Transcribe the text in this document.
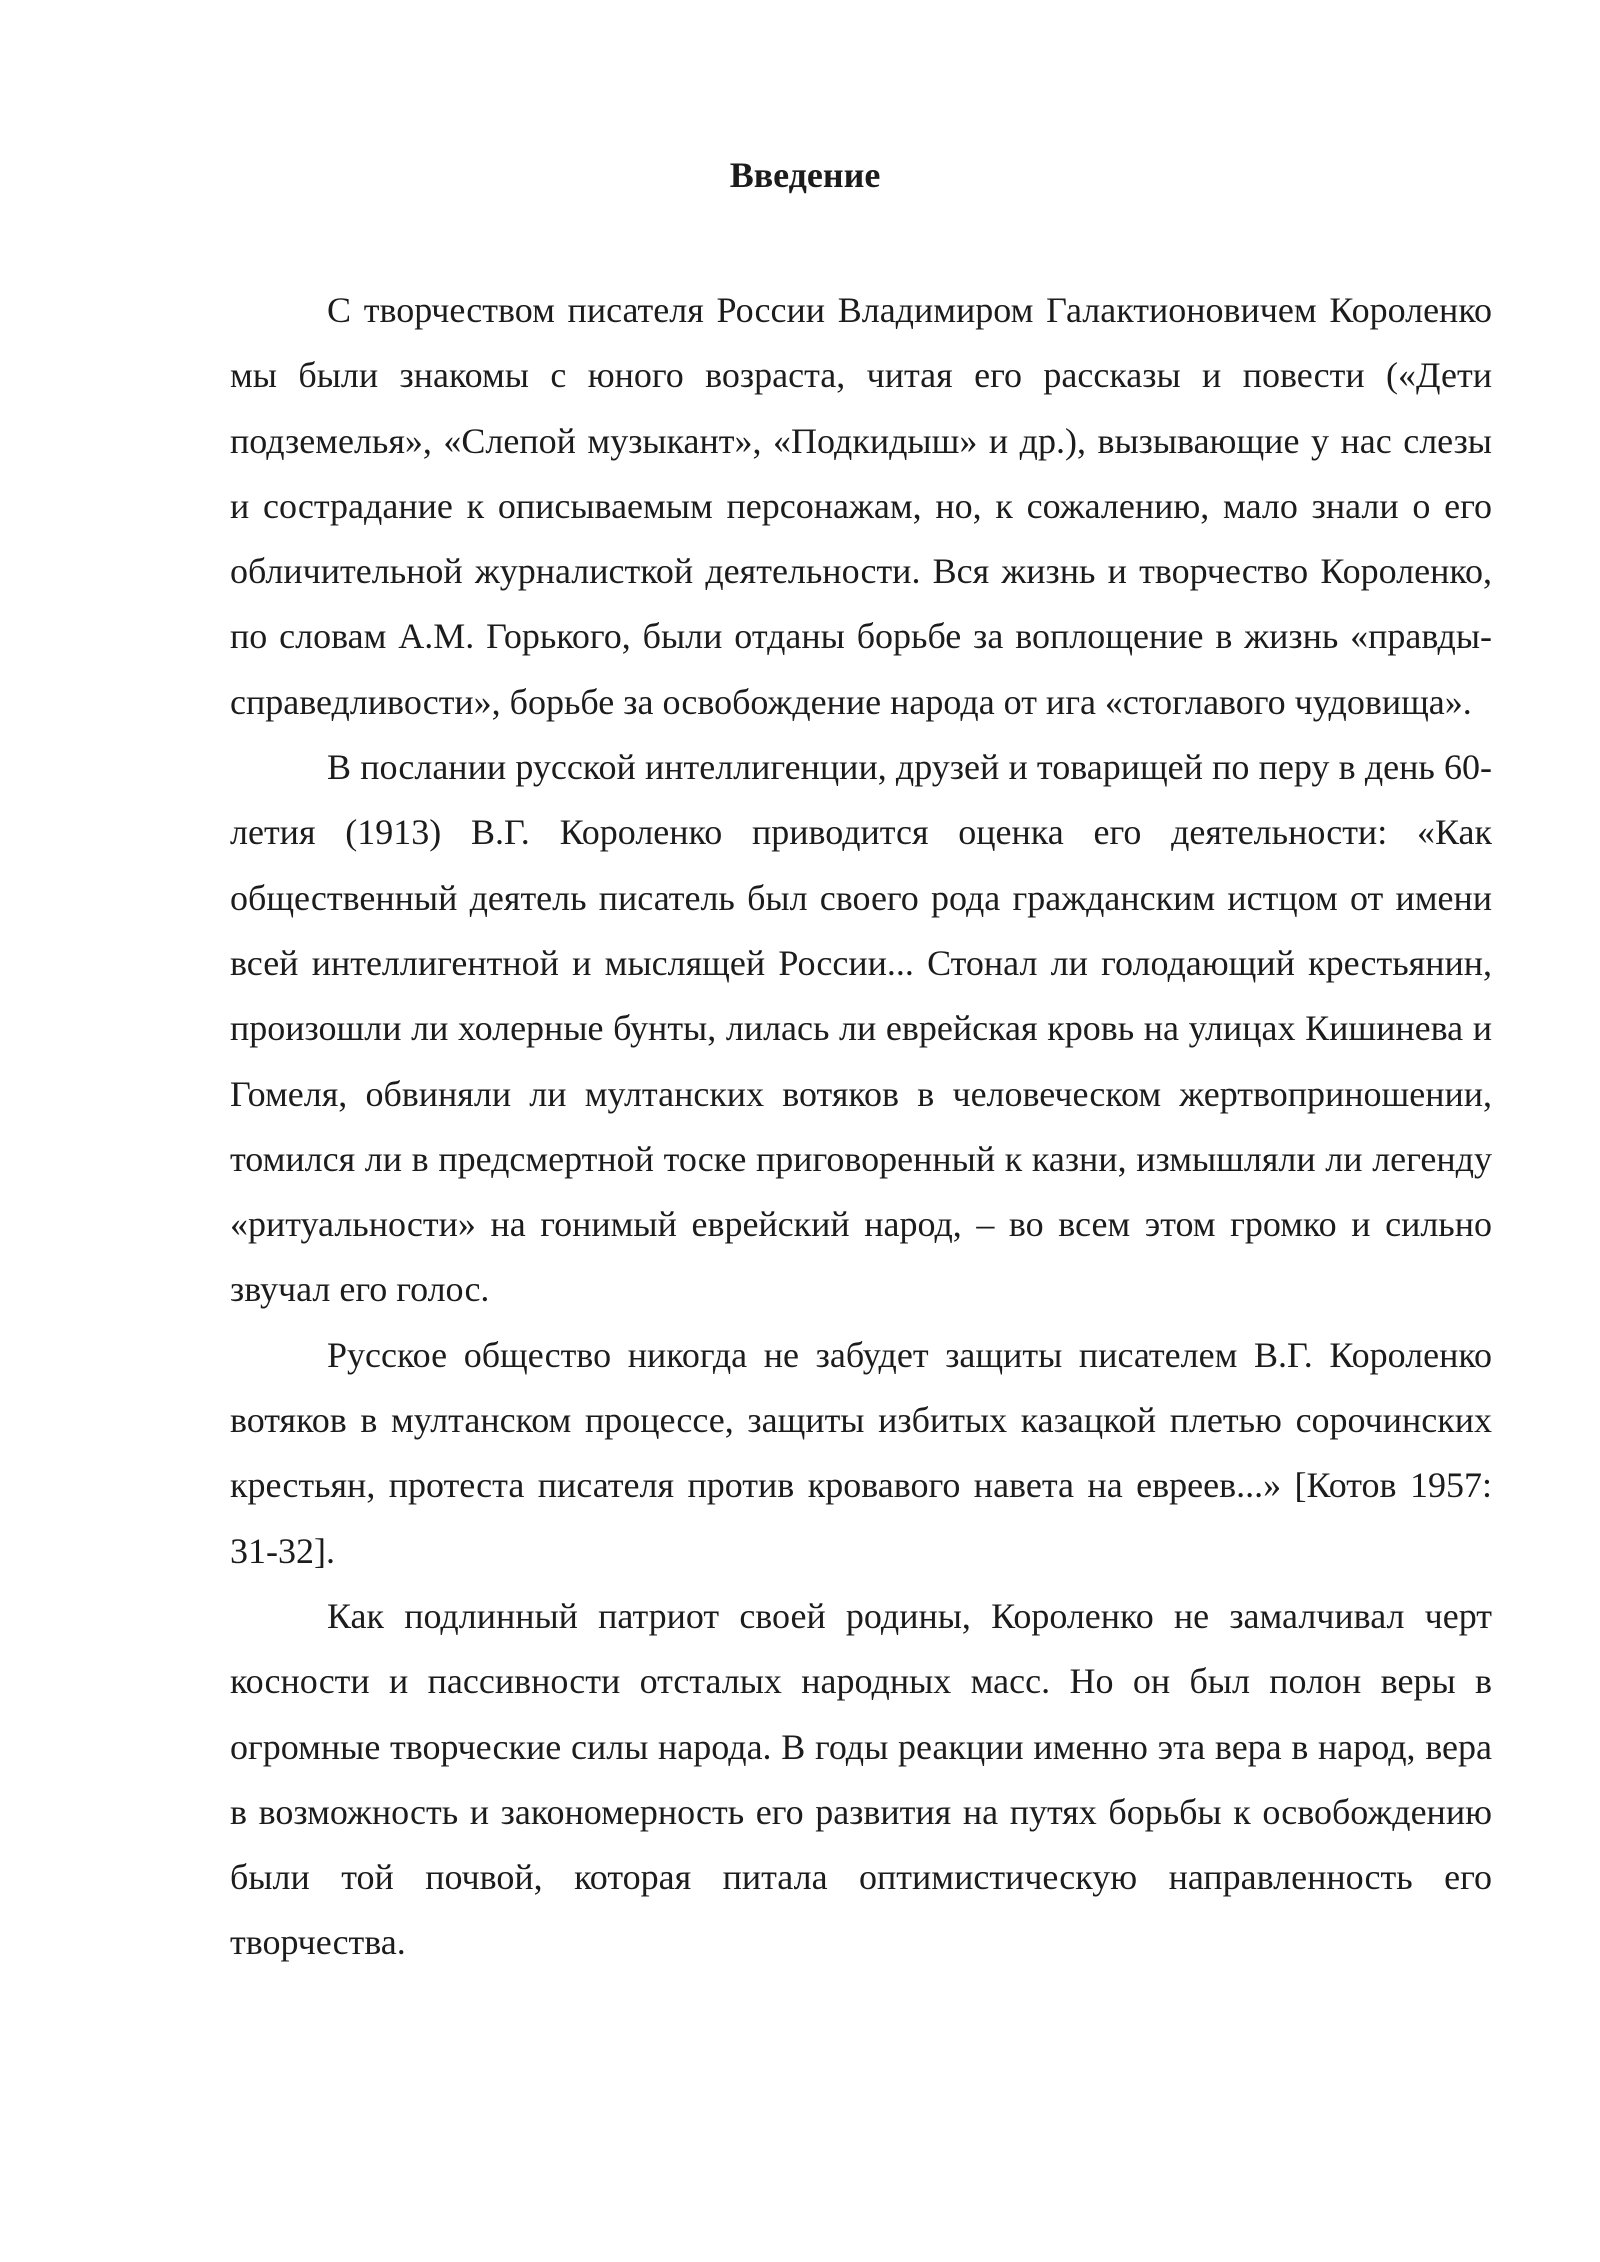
Введение

С творчеством писателя России Владимиром Галактионовичем Короленко мы были знакомы с юного возраста, читая его рассказы и повести («Дети подземелья», «Слепой музыкант», «Подкидыш» и др.), вызывающие у нас слезы и сострадание к описываемым персонажам, но, к сожалению, мало знали о его обличительной журналисткой деятельности. Вся жизнь и творчество Короленко, по словам А.М. Горького, были отданы борьбе за воплощение в жизнь «правды-справедливости», борьбе за освобождение народа от ига «стоглавого чудовища».

В послании русской интеллигенции, друзей и товарищей по перу в день 60-летия (1913) В.Г. Короленко приводится оценка его деятельности: «Как общественный деятель писатель был своего рода гражданским истцом от имени всей интеллигентной и мыслящей России... Стонал ли голодающий крестьянин, произошли ли холерные бунты, лилась ли еврейская кровь на улицах Кишинева и Гомеля, обвиняли ли мултанских вотяков в человеческом жертвоприношении, томился ли в предсмертной тоске приговоренный к казни, измышляли ли легенду «ритуальности» на гонимый еврейский народ, – во всем этом громко и сильно звучал его голос.

Русское общество никогда не забудет защиты писателем В.Г. Короленко вотяков в мултанском процессе, защиты избитых казацкой плетью сорочинских крестьян, протеста писателя против кровавого навета на евреев...» [Котов 1957: 31-32].

Как подлинный патриот своей родины, Короленко не замалчивал черт косности и пассивности отсталых народных масс. Но он был полон веры в огромные творческие силы народа. В годы реакции именно эта вера в народ, вера в возможность и закономерность его развития на путях борьбы к освобождению были той почвой, которая питала оптимистическую направленность его творчества.
